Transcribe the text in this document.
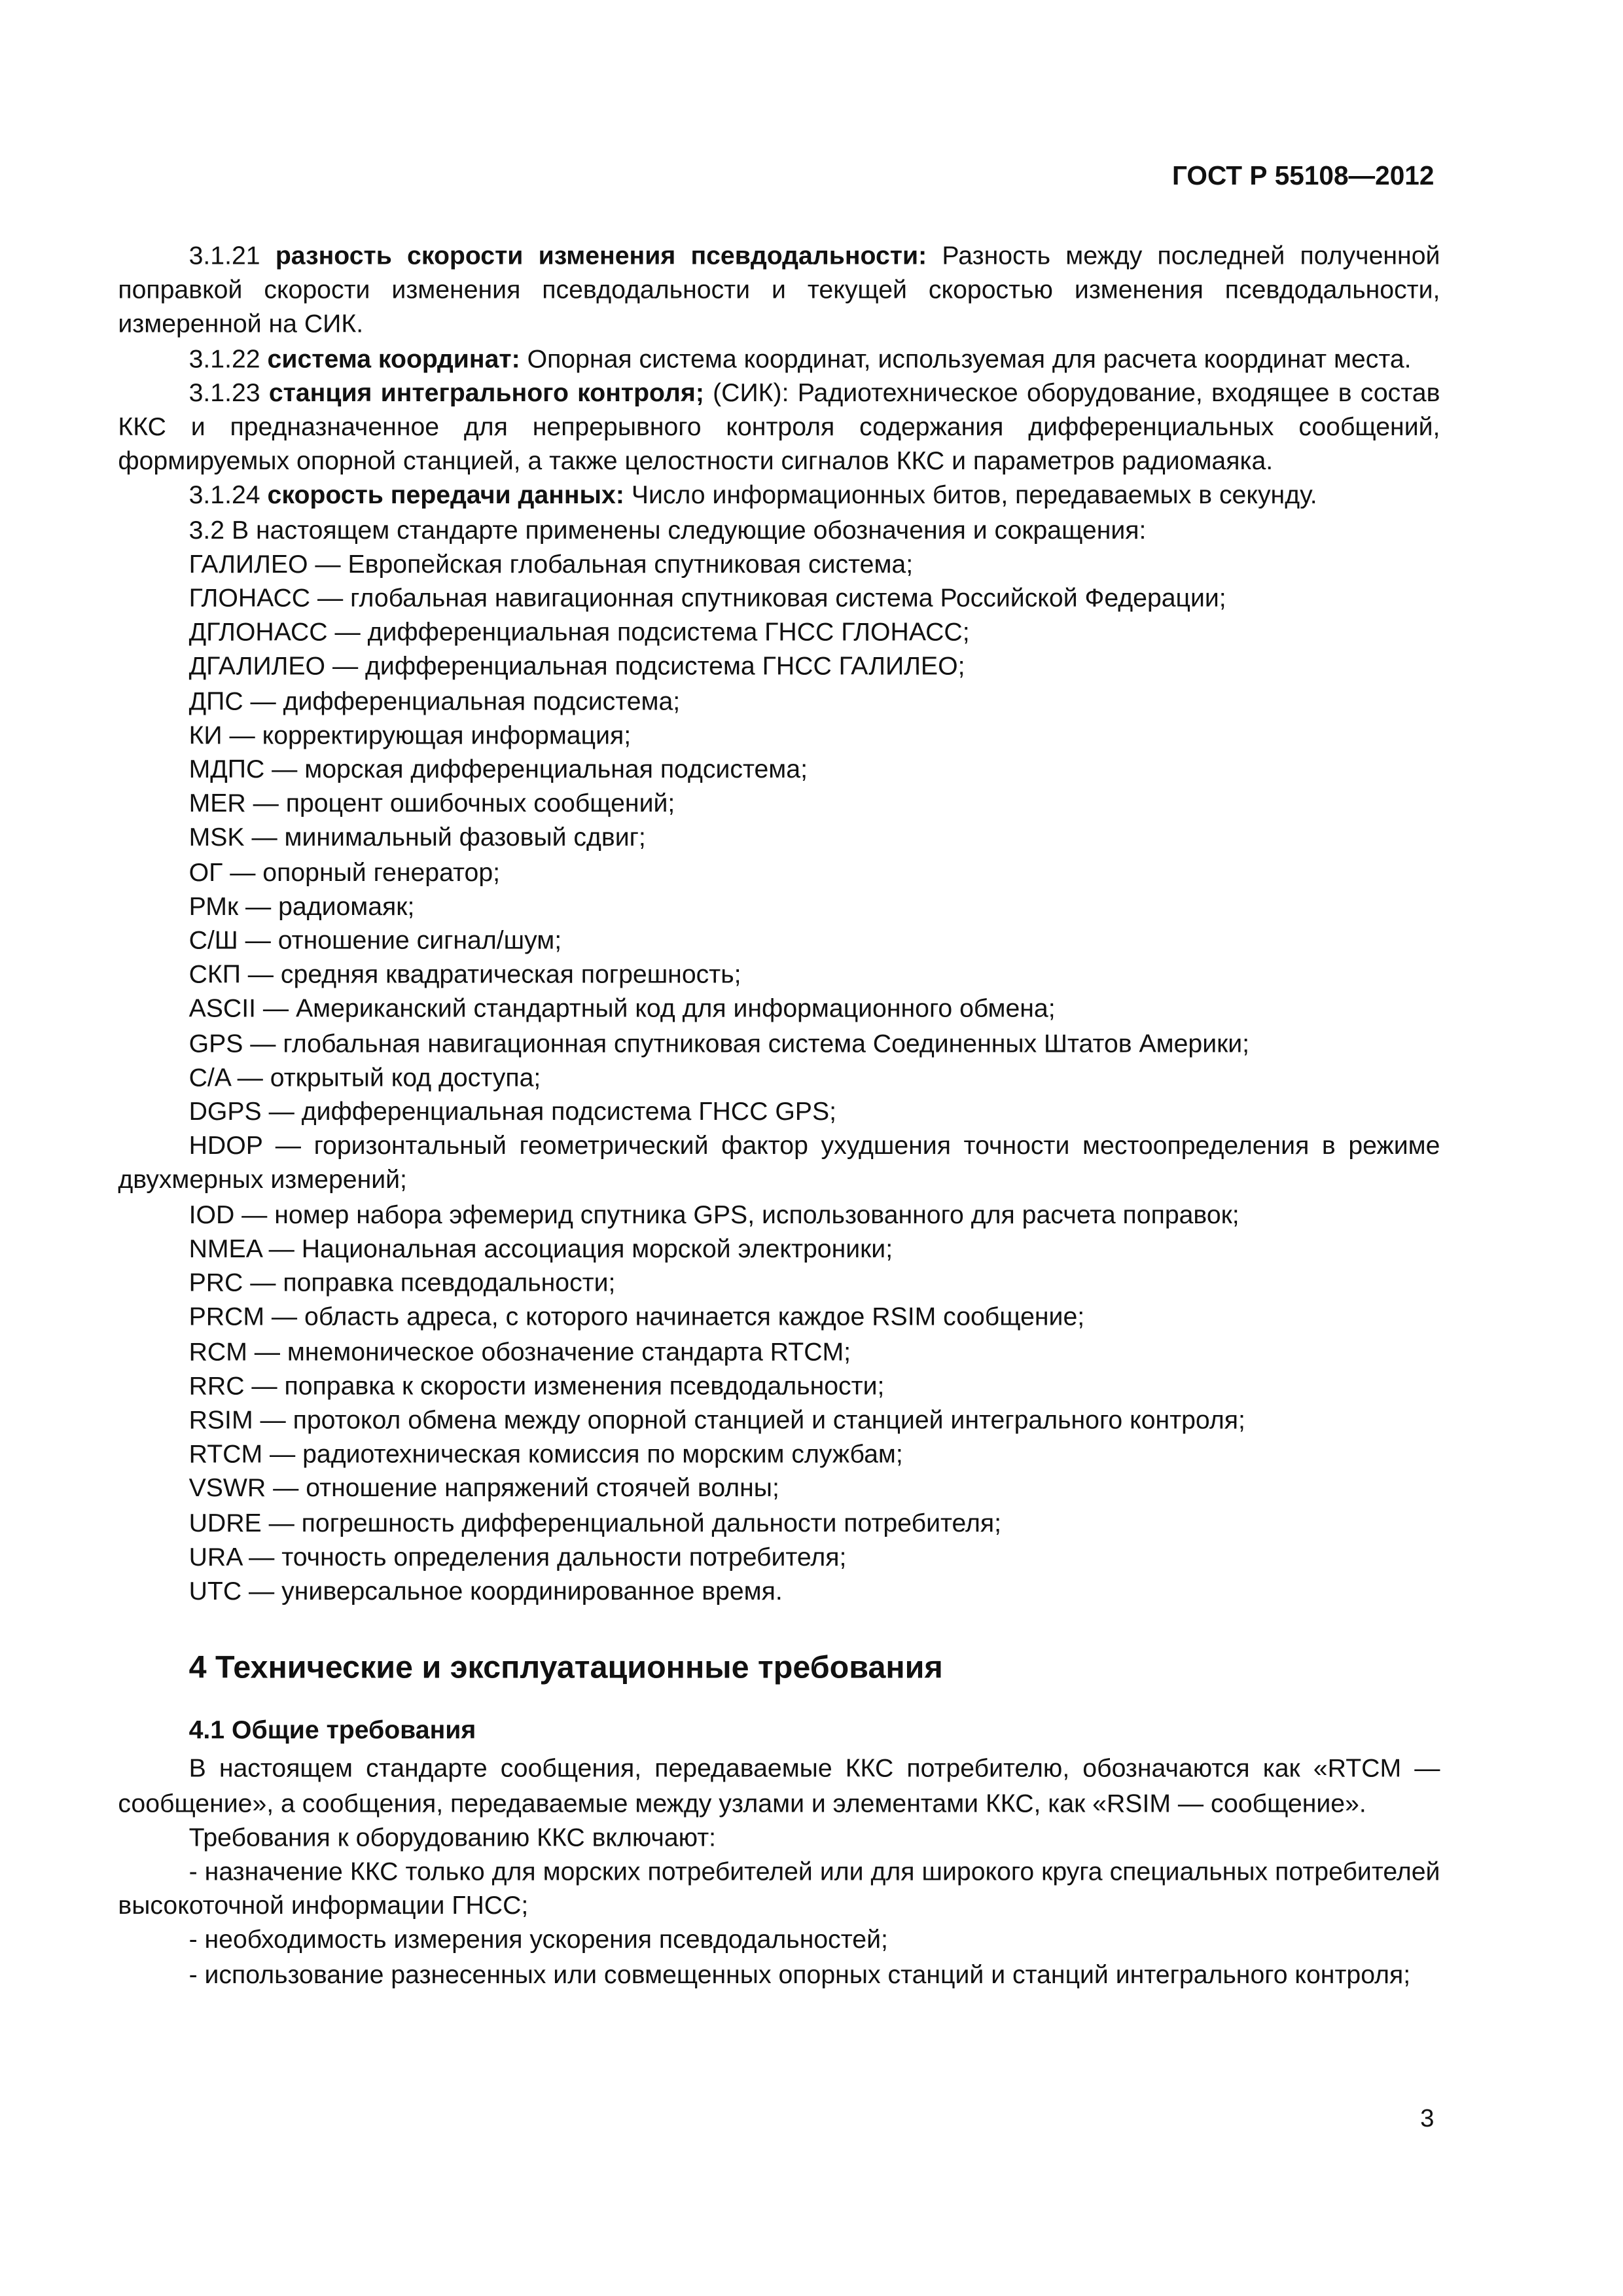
ГОСТ Р 55108—2012

3.1.21 разность скорости изменения псевдодальности: Разность между последней полученной поправкой скорости изменения псевдодальности и текущей скоростью изменения псевдодальности, измеренной на СИК.

3.1.22 система координат: Опорная система координат, используемая для расчета координат места.

3.1.23 станция интегрального контроля; (СИК): Радиотехническое оборудование, входящее в состав ККС и предназначенное для непрерывного контроля содержания дифференциальных сообщений, формируемых опорной станцией, а также целостности сигналов ККС и параметров радиомаяка.

3.1.24 скорость передачи данных: Число информационных битов, передаваемых в секунду.

3.2 В настоящем стандарте применены следующие обозначения и сокращения:

ГАЛИЛЕО — Европейская глобальная спутниковая система;

ГЛОНАСС — глобальная навигационная спутниковая система Российской Федерации;

ДГЛОНАСС — дифференциальная подсистема ГНСС ГЛОНАСС;

ДГАЛИЛЕО — дифференциальная подсистема ГНСС ГАЛИЛЕО;

ДПС — дифференциальная подсистема;

КИ — корректирующая информация;

МДПС — морская дифференциальная подсистема;

MER — процент ошибочных сообщений;

MSK — минимальный фазовый сдвиг;

ОГ — опорный генератор;

РМк — радиомаяк;

С/Ш — отношение сигнал/шум;

СКП — средняя квадратическая погрешность;

ASCII — Американский стандартный код для информационного обмена;

GPS — глобальная навигационная спутниковая система Соединенных Штатов Америки;

C/A — открытый код доступа;

DGPS — дифференциальная подсистема ГНСС GPS;

HDOP — горизонтальный геометрический фактор ухудшения точности местоопределения в режиме двухмерных измерений;

IOD — номер набора эфемерид спутника GPS, использованного для расчета поправок;

NMEA — Национальная ассоциация морской электроники;

PRC — поправка псевдодальности;

PRCM — область адреса, с которого начинается каждое RSIM сообщение;

RCM — мнемоническое обозначение стандарта RTCM;

RRC — поправка к скорости изменения псевдодальности;

RSIM — протокол обмена между опорной станцией и станцией интегрального контроля;

RTCM — радиотехническая комиссия по морским службам;

VSWR — отношение напряжений стоячей волны;

UDRE — погрешность дифференциальной дальности потребителя;

URA — точность определения дальности потребителя;

UTC — универсальное координированное время.

4 Технические и эксплуатационные требования
4.1 Общие требования

В настоящем стандарте сообщения, передаваемые ККС потребителю, обозначаются как «RTCM — сообщение», а сообщения, передаваемые между узлами и элементами ККС, как «RSIM — сообщение».

Требования к оборудованию ККС включают:

- назначение ККС только для морских потребителей или для широкого круга специальных потребителей высокоточной информации ГНСС;

- необходимость измерения ускорения псевдодальностей;

- использование разнесенных или совмещенных опорных станций и станций интегрального контроля;

3
